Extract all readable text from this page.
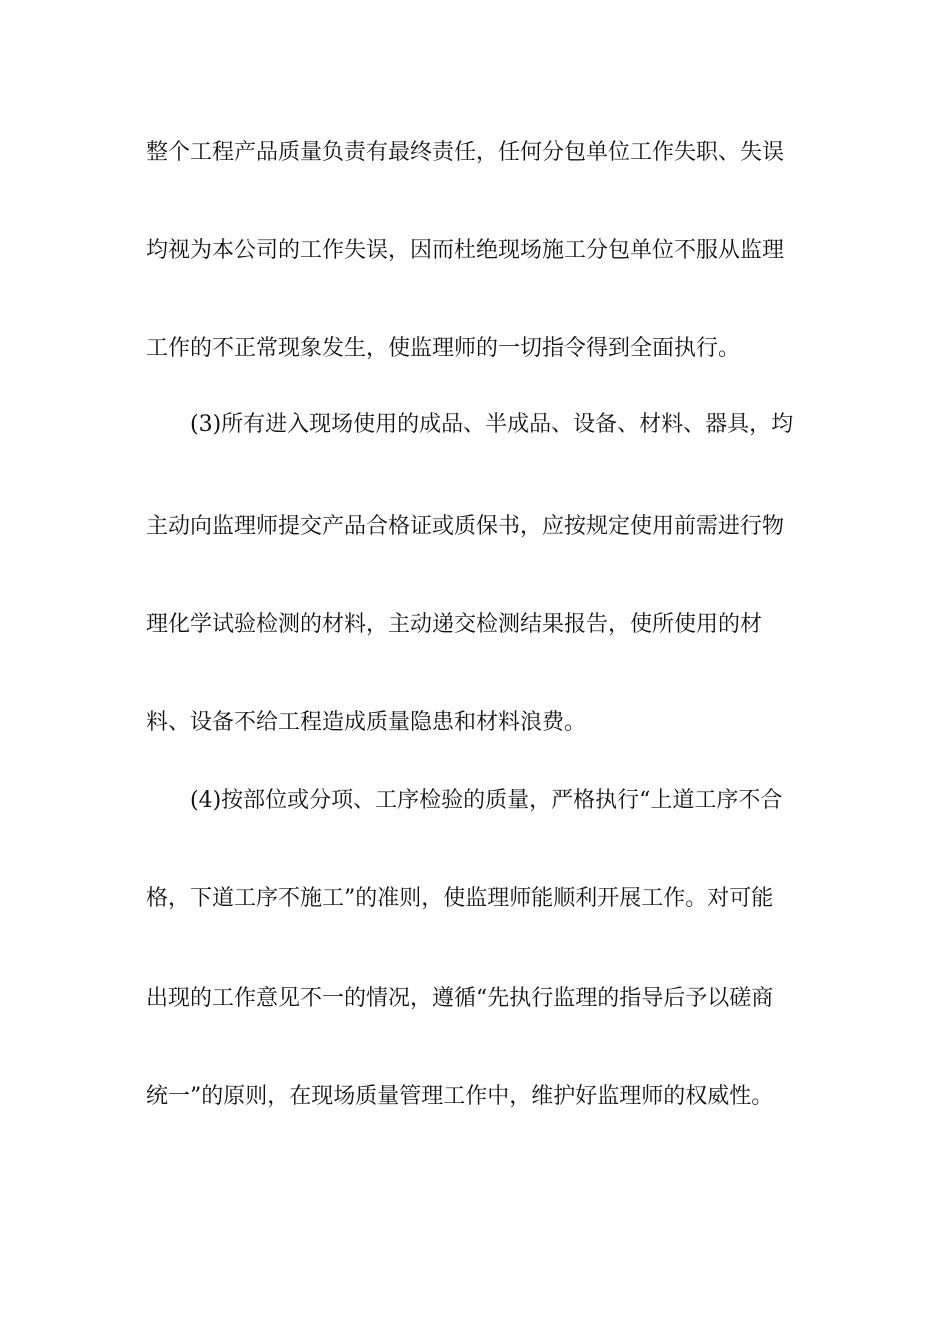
整个工程产品质量负责有最终责任，任何分包单位工作失职、失误
均视为本公司的工作失误，因而杜绝现场施工分包单位不服从监理
工作的不正常现象发生，使监理师的一切指令得到全面执行。
(3)所有进入现场使用的成品、半成品、设备、材料、器具，均
主动向监理师提交产品合格证或质保书，应按规定使用前需进行物
理化学试验检测的材料，主动递交检测结果报告，使所使用的材
料、设备不给工程造成质量隐患和材料浪费。
(4)按部位或分项、工序检验的质量，严格执行“上道工序不合
格，下道工序不施工”的准则，使监理师能顺利开展工作。对可能
出现的工作意见不一的情况，遵循“先执行监理的指导后予以磋商
统一”的原则，在现场质量管理工作中，维护好监理师的权威性。
